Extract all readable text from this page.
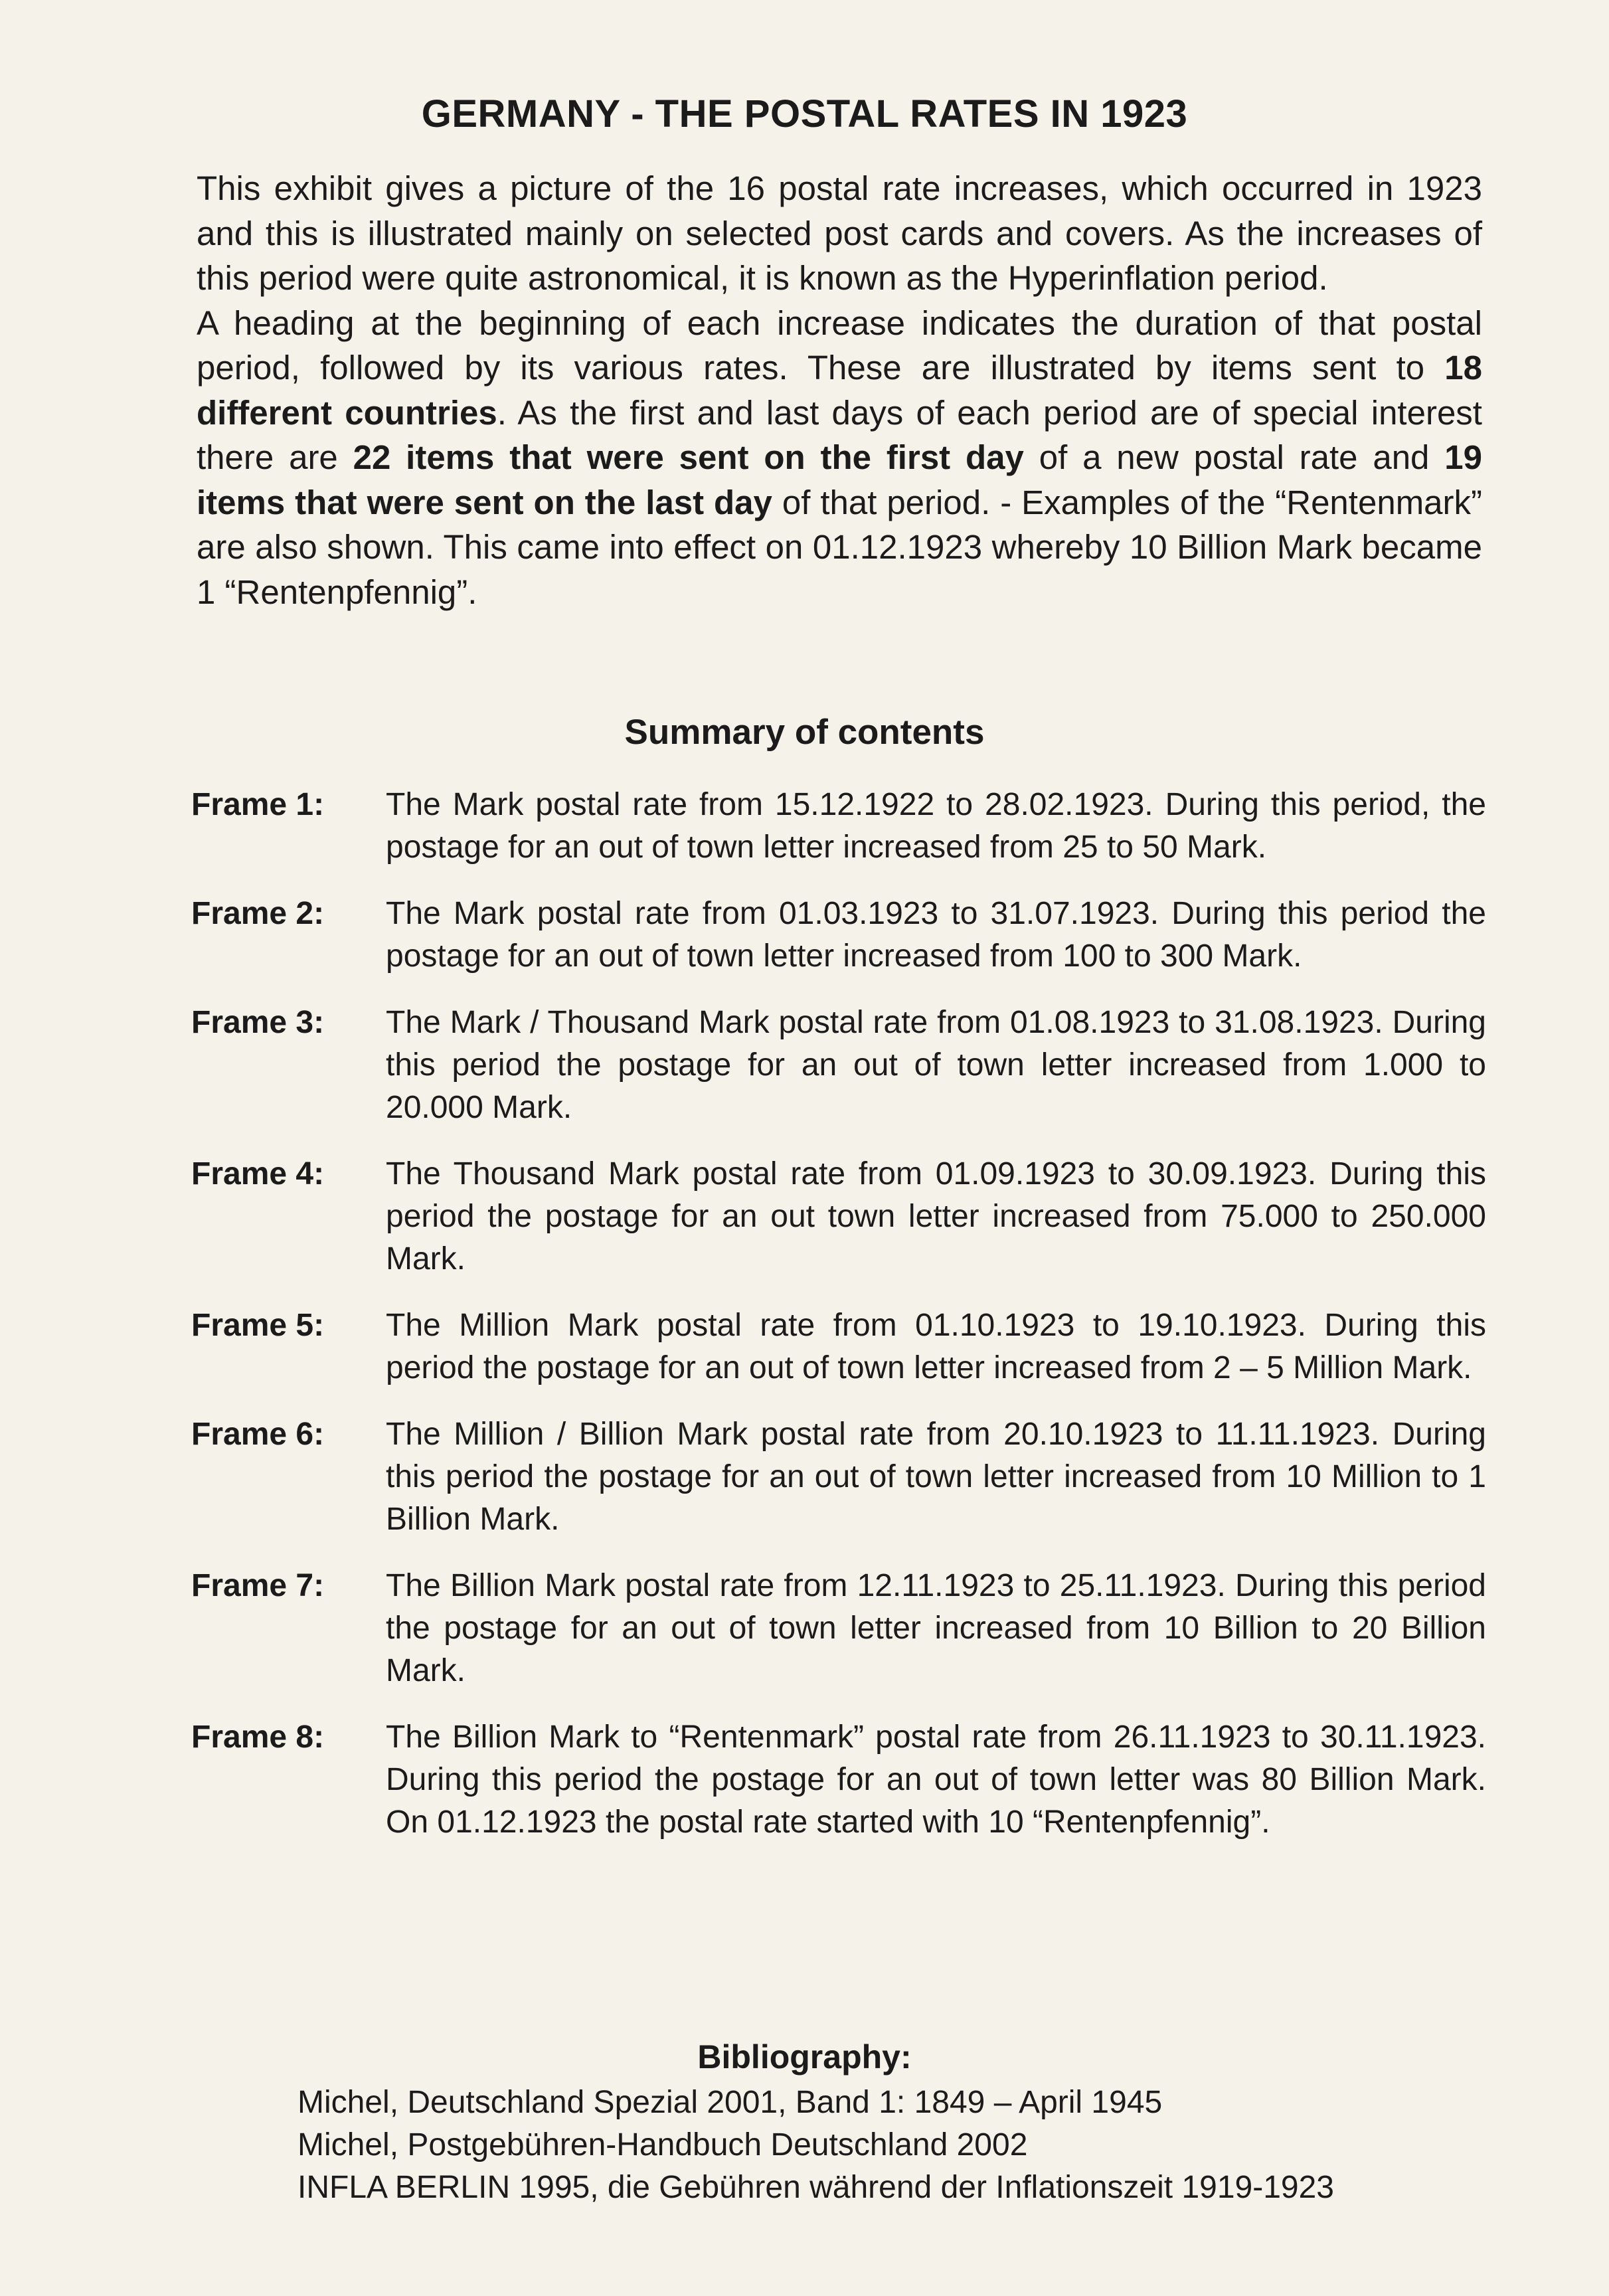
GERMANY - THE POSTAL RATES IN 1923

This exhibit gives a picture of the 16 postal rate increases, which occurred in 1923 and this is illustrated mainly on selected post cards and covers. As the increases of this period were quite astronomical, it is known as the Hyperinflation period.

A heading at the beginning of each increase indicates the duration of that postal period, followed by its various rates. These are illustrated by items sent to 18 different countries. As the first and last days of each period are of special interest there are 22 items that were sent on the first day of a new postal rate and 19 items that were sent on the last day of that period. - Examples of the “Rentenmark” are also shown. This came into effect on 01.12.1923 whereby 10 Billion Mark became 1 “Rentenpfennig”.

Summary of contents
Frame 1:	The Mark postal rate from 15.12.1922 to 28.02.1923. During this period, the postage for an out of town letter increased from 25 to 50 Mark.
Frame 2:	The Mark postal rate from 01.03.1923 to 31.07.1923. During this period the postage for an out of town letter increased from 100 to 300 Mark.
Frame 3:	The Mark / Thousand Mark postal rate from 01.08.1923 to 31.08.1923. During this period the postage for an out of town letter increased from 1.000 to 20.000 Mark.
Frame 4:	The Thousand Mark postal rate from 01.09.1923 to 30.09.1923. During this period the postage for an out town letter increased from 75.000 to 250.000 Mark.
Frame 5:	The Million Mark postal rate from 01.10.1923 to 19.10.1923. During this period the postage for an out of town letter increased from 2 – 5 Million Mark.
Frame 6:	The Million / Billion Mark postal rate from 20.10.1923 to 11.11.1923. During this period the postage for an out of town letter increased from 10 Million to 1 Billion Mark.
Frame 7:	The Billion Mark postal rate from 12.11.1923 to 25.11.1923. During this period the postage for an out of town letter increased from 10 Billion to 20 Billion Mark.
Frame 8:	The Billion Mark to “Rentenmark” postal rate from 26.11.1923 to 30.11.1923. During this period the postage for an out of town letter was 80 Billion Mark. On 01.12.1923 the postal rate started with 10 “Rentenpfennig”.
Bibliography:
Michel, Deutschland Spezial 2001, Band 1: 1849 – April 1945
Michel, Postgebühren-Handbuch Deutschland 2002
INFLA BERLIN 1995, die Gebühren während der Inflationszeit 1919-1923
